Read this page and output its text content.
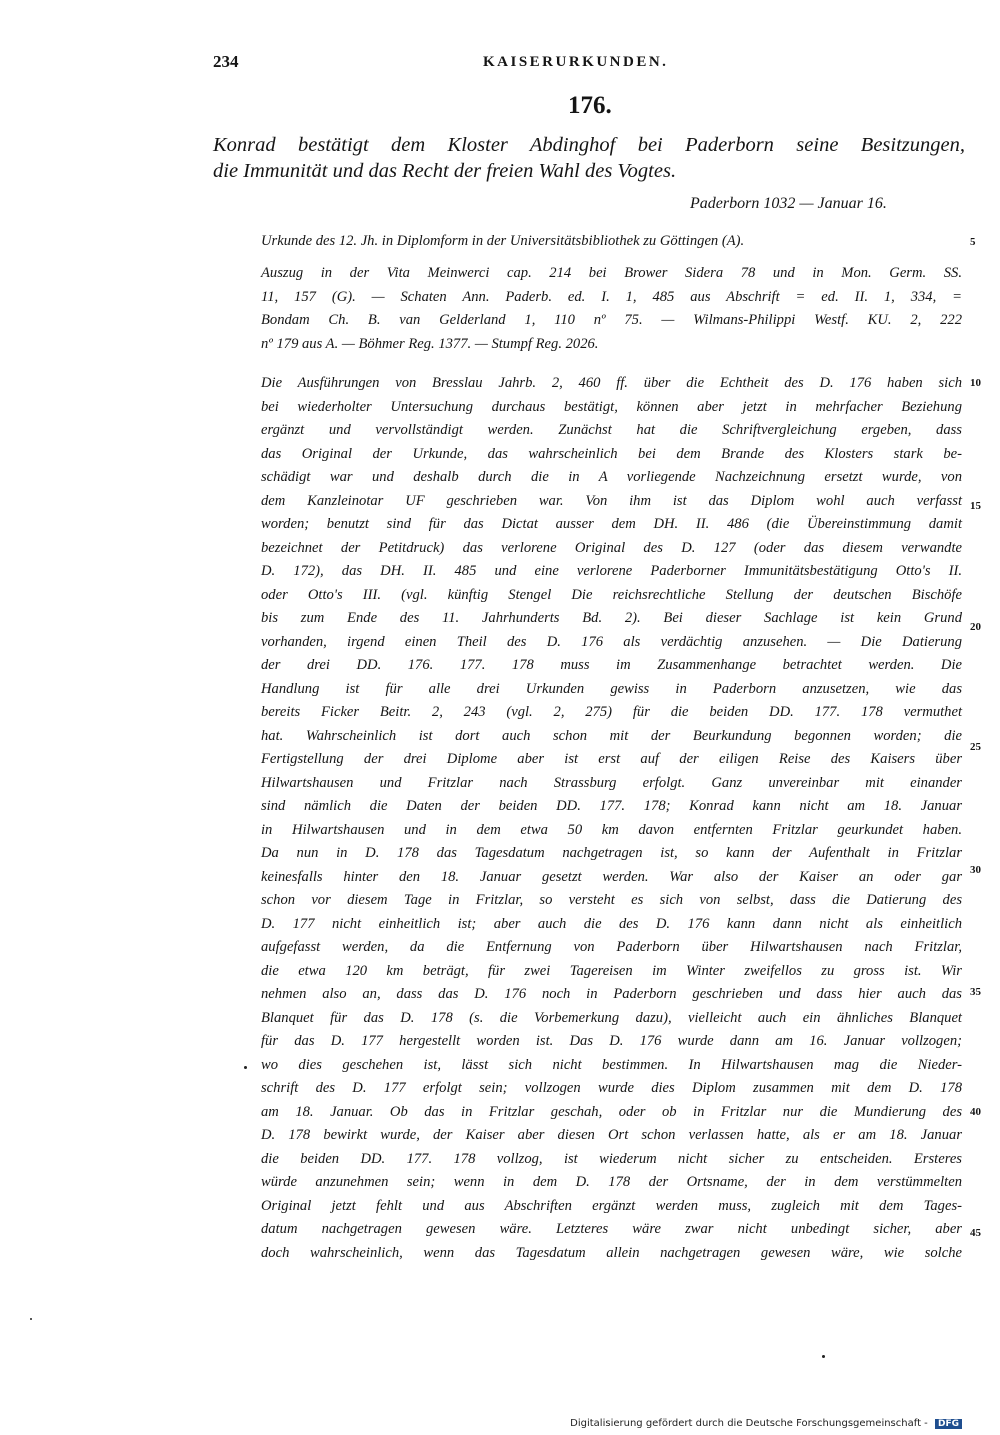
234	KAISERURKUNDEN.
176.
Konrad bestätigt dem Kloster Abdinghof bei Paderborn seine Besitzungen,
die Immunität und das Recht der freien Wahl des Vogtes.
Paderborn 1032 — Januar 16.
Urkunde des 12. Jh. in Diplomform in der Universitätsbibliothek zu Göttingen (A).
Auszug in der Vita Meinwerci cap. 214 bei Brower Sidera 78 und in Mon. Germ. SS.
11, 157 (G). — Schaten Ann. Paderb. ed. I. 1, 485 aus Abschrift = ed. II. 1, 334, =
Bondam Ch. B. van Gelderland 1, 110 nº 75. — Wilmans-Philippi Westf. KU. 2, 222
nº 179 aus A. — Böhmer Reg. 1377. — Stumpf Reg. 2026.
Die Ausführungen von Bresslau Jahrb. 2, 460 ff. über die Echtheit des D. 176 haben sich
bei wiederholter Untersuchung durchaus bestätigt, können aber jetzt in mehrfacher Beziehung
ergänzt und vervollständigt werden. Zunächst hat die Schriftvergleichung ergeben, dass
das Original der Urkunde, das wahrscheinlich bei dem Brande des Klosters stark be-
schädigt war und deshalb durch die in A vorliegende Nachzeichnung ersetzt wurde, von
dem Kanzleinotar UF geschrieben war. Von ihm ist das Diplom wohl auch verfasst
worden; benutzt sind für das Dictat ausser dem DH. II. 486 (die Übereinstimmung damit
bezeichnet der Petitdruck) das verlorene Original des D. 127 (oder das diesem verwandte
D. 172), das DH. II. 485 und eine verlorene Paderborner Immunitätsbestätigung Otto's II.
oder Otto's III. (vgl. künftig Stengel Die reichsrechtliche Stellung der deutschen Bischöfe
bis zum Ende des 11. Jahrhunderts Bd. 2). Bei dieser Sachlage ist kein Grund
vorhanden, irgend einen Theil des D. 176 als verdächtig anzusehen. — Die Datierung
der drei DD. 176. 177. 178 muss im Zusammenhange betrachtet werden. Die
Handlung ist für alle drei Urkunden gewiss in Paderborn anzusetzen, wie das
bereits Ficker Beitr. 2, 243 (vgl. 2, 275) für die beiden DD. 177. 178 vermuthet
hat. Wahrscheinlich ist dort auch schon mit der Beurkundung begonnen worden; die
Fertigstellung der drei Diplome aber ist erst auf der eiligen Reise des Kaisers über
Hilwartshausen und Fritzlar nach Strassburg erfolgt. Ganz unvereinbar mit einander
sind nämlich die Daten der beiden DD. 177. 178; Konrad kann nicht am 18. Januar
in Hilwartshausen und in dem etwa 50 km davon entfernten Fritzlar geurkundet haben.
Da nun in D. 178 das Tagesdatum nachgetragen ist, so kann der Aufenthalt in Fritzlar
keinesfalls hinter den 18. Januar gesetzt werden. War also der Kaiser an oder gar
schon vor diesem Tage in Fritzlar, so versteht es sich von selbst, dass die Datierung des
D. 177 nicht einheitlich ist; aber auch die des D. 176 kann dann nicht als einheitlich
aufgefasst werden, da die Entfernung von Paderborn über Hilwartshausen nach Fritzlar,
die etwa 120 km beträgt, für zwei Tagereisen im Winter zweifellos zu gross ist. Wir
nehmen also an, dass das D. 176 noch in Paderborn geschrieben und dass hier auch das
Blanquet für das D. 178 (s. die Vorbemerkung dazu), vielleicht auch ein ähnliches Blanquet
für das D. 177 hergestellt worden ist. Das D. 176 wurde dann am 16. Januar vollzogen;
wo dies geschehen ist, lässt sich nicht bestimmen. In Hilwartshausen mag die Nieder-
schrift des D. 177 erfolgt sein; vollzogen wurde dies Diplom zusammen mit dem D. 178
am 18. Januar. Ob das in Fritzlar geschah, oder ob in Fritzlar nur die Mundierung des
D. 178 bewirkt wurde, der Kaiser aber diesen Ort schon verlassen hatte, als er am 18. Januar
die beiden DD. 177. 178 vollzog, ist wiederum nicht sicher zu entscheiden. Ersteres
würde anzunehmen sein; wenn in dem D. 178 der Ortsname, der in dem verstümmelten
Original jetzt fehlt und aus Abschriften ergänzt werden muss, zugleich mit dem Tages-
datum nachgetragen gewesen wäre. Letzteres wäre zwar nicht unbedingt sicher, aber
doch wahrscheinlich, wenn das Tagesdatum allein nachgetragen gewesen wäre, wie solche
5
10
15
20
25
30
35
40
45
Digitalisierung gefördert durch die Deutsche Forschungsgemeinschaft - DFG
